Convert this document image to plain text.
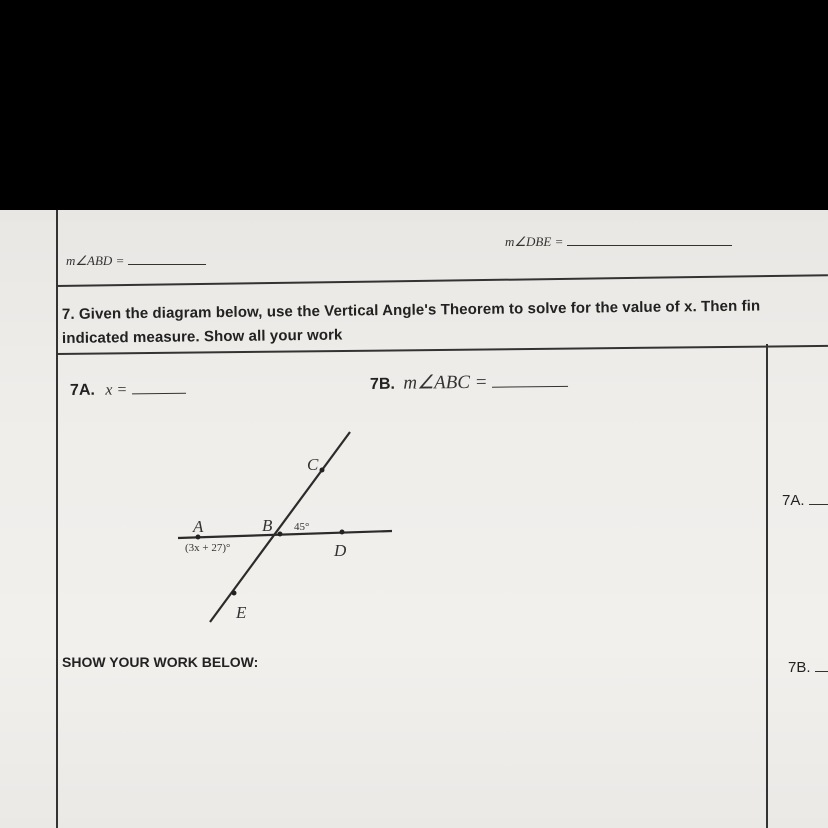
m∠DBE =
m∠ABD =
7. Given the diagram below, use the Vertical Angle's Theorem to solve for the value of x. Then fin
indicated measure. Show all your work
7A. x =	7B. m∠ABC =
C
A	B 45°
(3x + 27)°	D
E
SHOW YOUR WORK BELOW:
7A.
7B.
